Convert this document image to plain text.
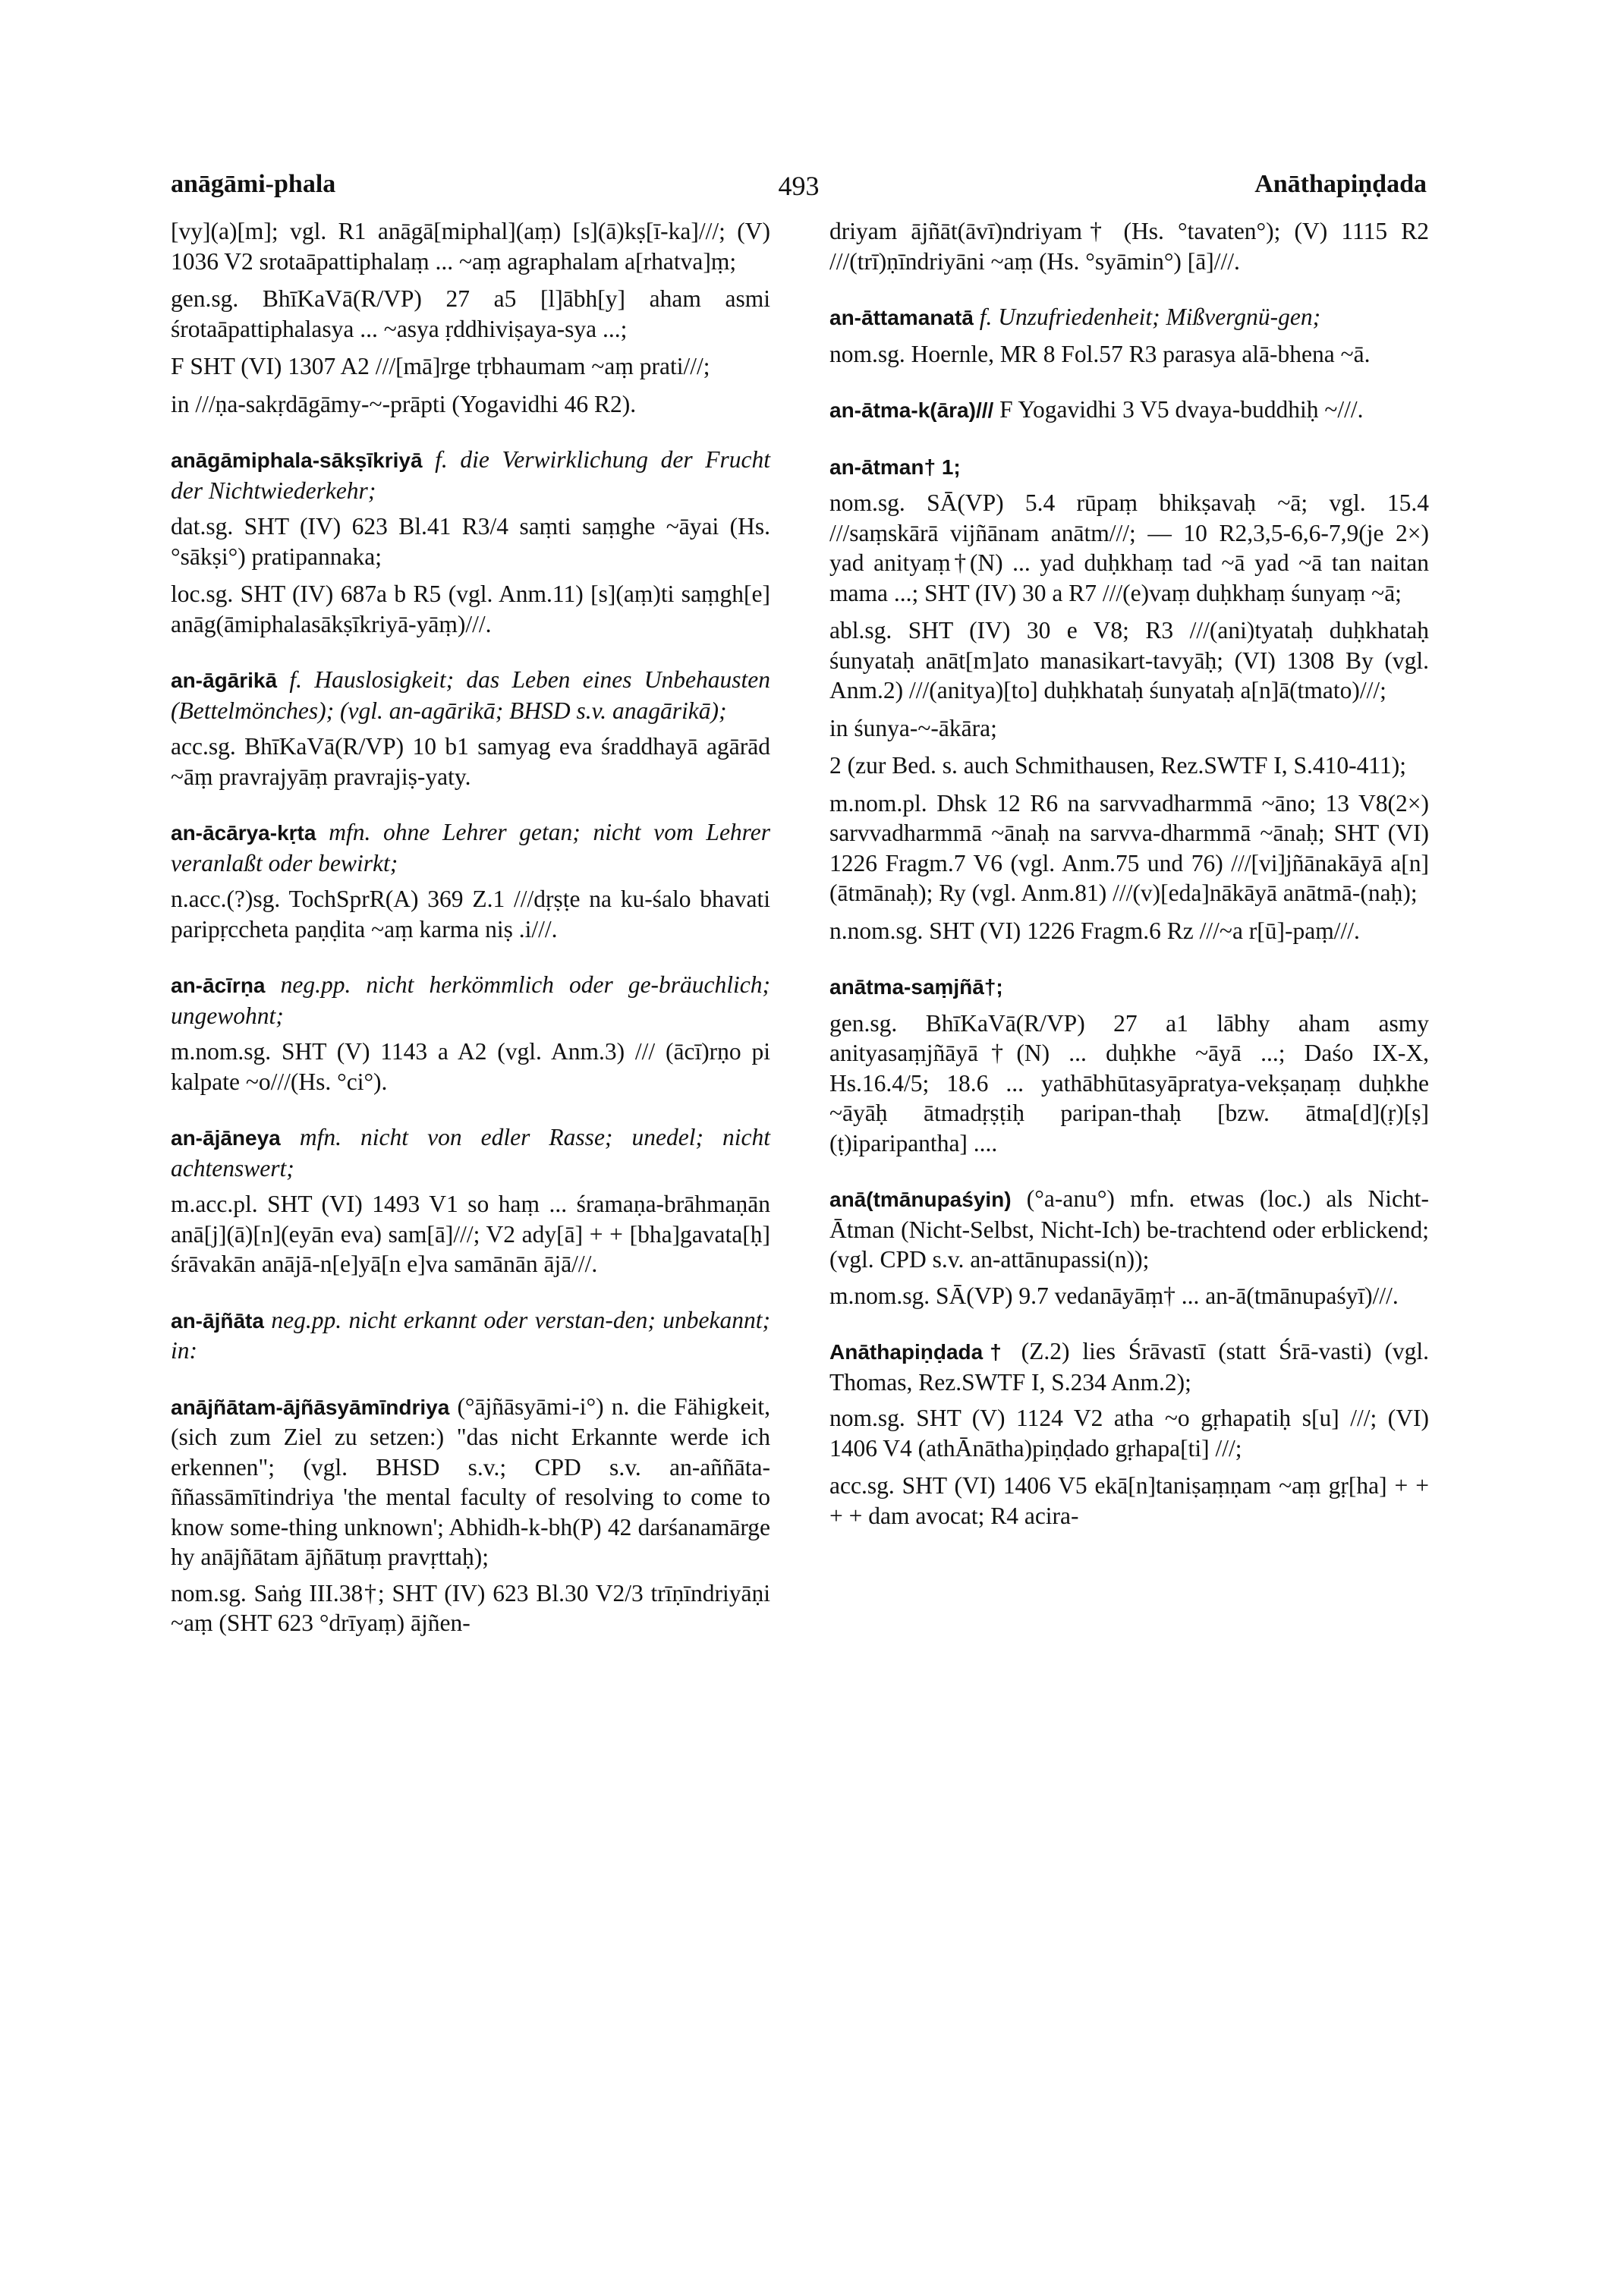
anāgāmi-phala	493	Anāthapiṇḍada

[vy](a)[m]; vgl. R1 anāgā[miphal](aṃ) [s](ā)kṣ[ī-ka]///; (V) 1036 V2 srotaāpattiphalaṃ ... ~aṃ agraphalam a[rhatva]ṃ;

gen.sg. BhīKaVā(R/VP) 27 a5 [l]ābh[y] aham asmi śrotaāpattiphalasya ... ~asya ṛddhiviṣaya-sya ...;

F SHT (VI) 1307 A2 ///[mā]rge tṛbhaumam ~aṃ prati///;

in ///ṇa-sakṛdāgāmy-~-prāpti (Yogavidhi 46 R2).

anāgāmiphala-sākṣīkriyā f. die Verwirklichung der Frucht der Nichtwiederkehr;

dat.sg. SHT (IV) 623 Bl.41 R3/4 saṃti saṃghe ~āyai (Hs. °sākṣi°) pratipannaka;

loc.sg. SHT (IV) 687a b R5 (vgl. Anm.11) [s](aṃ)ti saṃgh[e] anāg(āmiphalasākṣīkriyā-yāṃ)///.

an-āgārikā f. Hauslosigkeit; das Leben eines Unbehausten (Bettelmönches); (vgl. an-agārikā; BHSD s.v. anagārikā);

acc.sg. BhīKaVā(R/VP) 10 b1 samyag eva śraddhayā agārād ~āṃ pravrajyāṃ pravrajiṣ-yaty.

an-ācārya-kṛta mfn. ohne Lehrer getan; nicht vom Lehrer veranlaßt oder bewirkt;

n.acc.(?)sg. TochSprR(A) 369 Z.1 ///dṛṣṭe na ku-śalo bhavati paripṛccheta paṇḍita ~aṃ karma niṣ .i///.

an-ācīrṇa neg.pp. nicht herkömmlich oder ge-bräuchlich; ungewohnt;

m.nom.sg. SHT (V) 1143 a A2 (vgl. Anm.3) /// (ācī)rṇo pi kalpate ~o///(Hs. °ci°).

an-ājāneya mfn. nicht von edler Rasse; unedel; nicht achtenswert;

m.acc.pl. SHT (VI) 1493 V1 so haṃ ... śramaṇa-brāhmaṇān anā[j](ā)[n](eyān eva) sam[ā]///; V2 ady[ā] + + [bha]gavata[ḥ] śrāvakān anājā-n[e]yā[n e]va samānān ājā///.

an-ājñāta neg.pp. nicht erkannt oder verstan-den; unbekannt; in:

anājñātam-ājñāsyāmīndriya (°ājñāsyāmi-i°) n. die Fähigkeit, (sich zum Ziel zu setzen:) "das nicht Erkannte werde ich erkennen"; (vgl. BHSD s.v.; CPD s.v. an-aññāta-ññassāmītindriya 'the mental faculty of resolving to come to know some-thing unknown'; Abhidh-k-bh(P) 42 darśanamārge hy anājñātam ājñātuṃ pravṛttaḥ);

nom.sg. Saṅg III.38†; SHT (IV) 623 Bl.30 V2/3 trīṇīndriyāṇi ~aṃ (SHT 623 °drīyaṃ) ājñen-

driyam ājñāt(āvī)ndriyam† (Hs. °tavaten°); (V) 1115 R2 ///(trī)ṇīndriyāni ~aṃ (Hs. °syāmin°) [ā]///.

an-āttamanatā f. Unzufriedenheit; Mißvergnü-gen;

nom.sg. Hoernle, MR 8 Fol.57 R3 parasya alā-bhena ~ā.

an-ātma-k(āra)/// F Yogavidhi 3 V5 dvaya-buddhiḥ ~///.

an-ātman† 1;

nom.sg. SĀ(VP) 5.4 rūpaṃ bhikṣavaḥ ~ā; vgl. 15.4 ///saṃskārā vijñānam anātm///; — 10 R2,3,5-6,6-7,9(je 2×) yad anityaṃ†(N) ... yad duḥkhaṃ tad ~ā yad ~ā tan naitan mama ...; SHT (IV) 30 a R7 ///(e)vaṃ duḥkhaṃ śunyaṃ ~ā;

abl.sg. SHT (IV) 30 e V8; R3 ///(ani)tyataḥ duḥkhataḥ śunyataḥ anāt[m]ato manasikart-tavyāḥ; (VI) 1308 By (vgl. Anm.2) ///(anitya)[to] duḥkhataḥ śunyataḥ a[n]ā(tmato)///;

in śunya-~-ākāra;

2 (zur Bed. s. auch Schmithausen, Rez.SWTF I, S.410-411);

m.nom.pl. Dhsk 12 R6 na sarvvadharmmā ~āno; 13 V8(2×) sarvvadharmmā ~ānaḥ na sarvva-dharmmā ~ānaḥ; SHT (VI) 1226 Fragm.7 V6 (vgl. Anm.75 und 76) ///[vi]jñānakāyā a[n](ātmānaḥ); Ry (vgl. Anm.81) ///(v)[eda]nākāyā anātmā-(naḥ);

n.nom.sg. SHT (VI) 1226 Fragm.6 Rz ///~a r[ū]-paṃ///.

anātma-saṃjñā†;

gen.sg. BhīKaVā(R/VP) 27 a1 lābhy aham asmy anityasaṃjñāyā†(N) ... duḥkhe ~āyā ...; Daśo IX-X, Hs.16.4/5; 18.6 ... yathābhūtasyāpratya-vekṣaṇaṃ duḥkhe ~āyāḥ ātmadṛṣṭiḥ paripan-thaḥ [bzw. ātma[d](ṛ)[ṣ](ṭ)iparipantha] ....

anā(tmānupaśyin) (°a-anu°) mfn. etwas (loc.) als Nicht-Ātman (Nicht-Selbst, Nicht-Ich) be-trachtend oder erblickend; (vgl. CPD s.v. an-attānupassi(n));

m.nom.sg. SĀ(VP) 9.7 vedanāyāṃ† ... an-ā(tmānupaśyī)///.

Anāthapiṇḍada† (Z.2) lies Śrāvastī (statt Śrā-vasti) (vgl. Thomas, Rez.SWTF I, S.234 Anm.2);

nom.sg. SHT (V) 1124 V2 atha ~o gṛhapatiḥ s[u] ///; (VI) 1406 V4 (athĀnātha)piṇḍado gṛhapa[ti] ///;

acc.sg. SHT (VI) 1406 V5 ekā[n]taniṣaṃṇam ~aṃ gṛ[ha] + + + + dam avocat; R4 acira-
